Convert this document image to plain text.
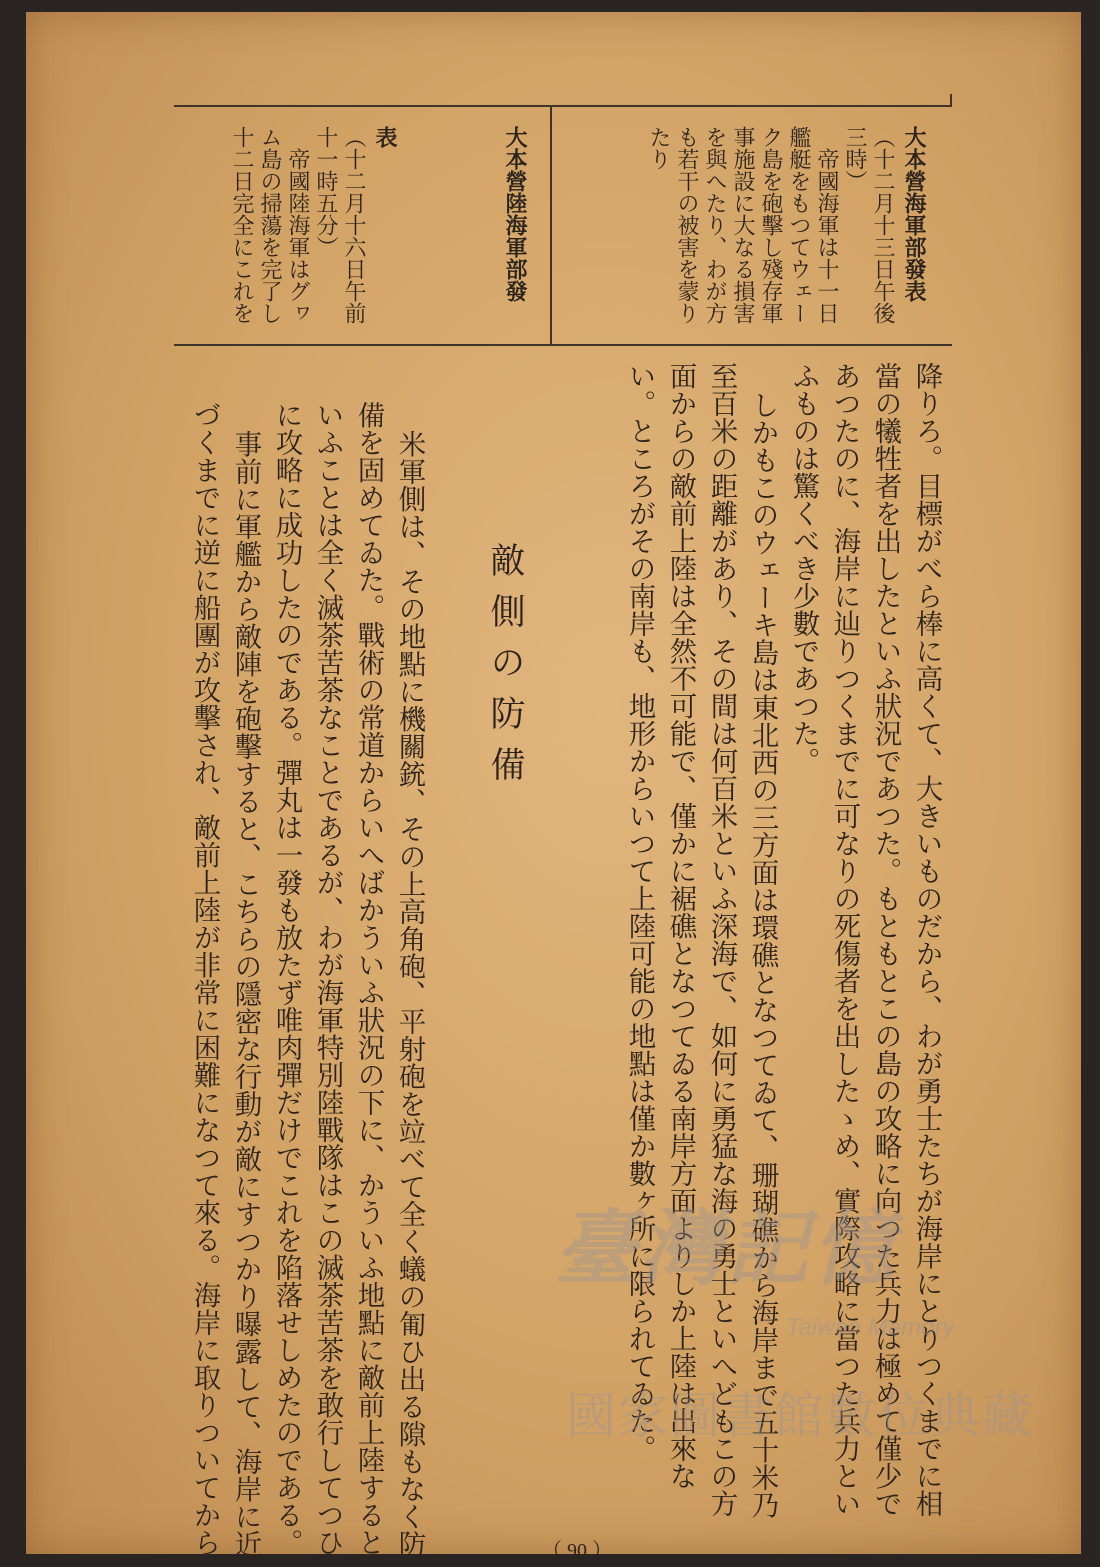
大本營海軍部發表
（十二月十三日午後
三時）
帝國海軍は十一日
艦艇をもつてウェー
ク島を砲擊し殘存軍
事施設に大なる損害
を與へたり、わが方
も若干の被害を蒙り
たり
大本營陸海軍部發
表
（十二月十六日午前
十一時五分）
帝國陸海軍はグヮ
ム島の掃蕩を完了し
十二日完全にこれを
降りろ。目標がべら棒に高くて、大きいものだから、わが勇士たちが海岸にとりつくまでに相
當の犧牲者を出したといふ狀況であつた。もともとこの島の攻略に向つた兵力は極めて僅少で
あつたのに、海岸に辿りつくまでに可なりの死傷者を出したゝめ、實際攻略に當つた兵力とい
ふものは驚くべき少數であつた。
しかもこのウェーキ島は東北西の三方面は環礁となつてゐて、珊瑚礁から海岸まで五十米乃
至百米の距離があり、その間は何百米といふ深海で、如何に勇猛な海の勇士といへどもこの方
面からの敵前上陸は全然不可能で、僅かに裾礁となつてゐる南岸方面よりしか上陸は出來な
い。ところがその南岸も、地形からいつて上陸可能の地點は僅か數ヶ所に限られてゐた。
敵側の防備
米軍側は、その地點に機關銃、その上高角砲、平射砲を竝べて全く蟻の匍ひ出る隙もなく防
備を固めてゐた。戰術の常道からいへばかういふ狀況の下に、かういふ地點に敵前上陸すると
いふことは全く滅茶苦茶なことであるが、わが海軍特別陸戰隊はこの滅茶苦茶を敢行してつひ
に攻略に成功したのである。彈丸は一發も放たず唯肉彈だけでこれを陷落せしめたのである。
事前に軍艦から敵陣を砲擊すると、こちらの隱密な行動が敵にすつかり曝露して、海岸に近
づくまでに逆に船團が攻擊され、敵前上陸が非常に困難になつて來る。海岸に取りついてから	臺灣記憶
Taiwan Memory
國家圖書館數位典藏
（ 90 ）
